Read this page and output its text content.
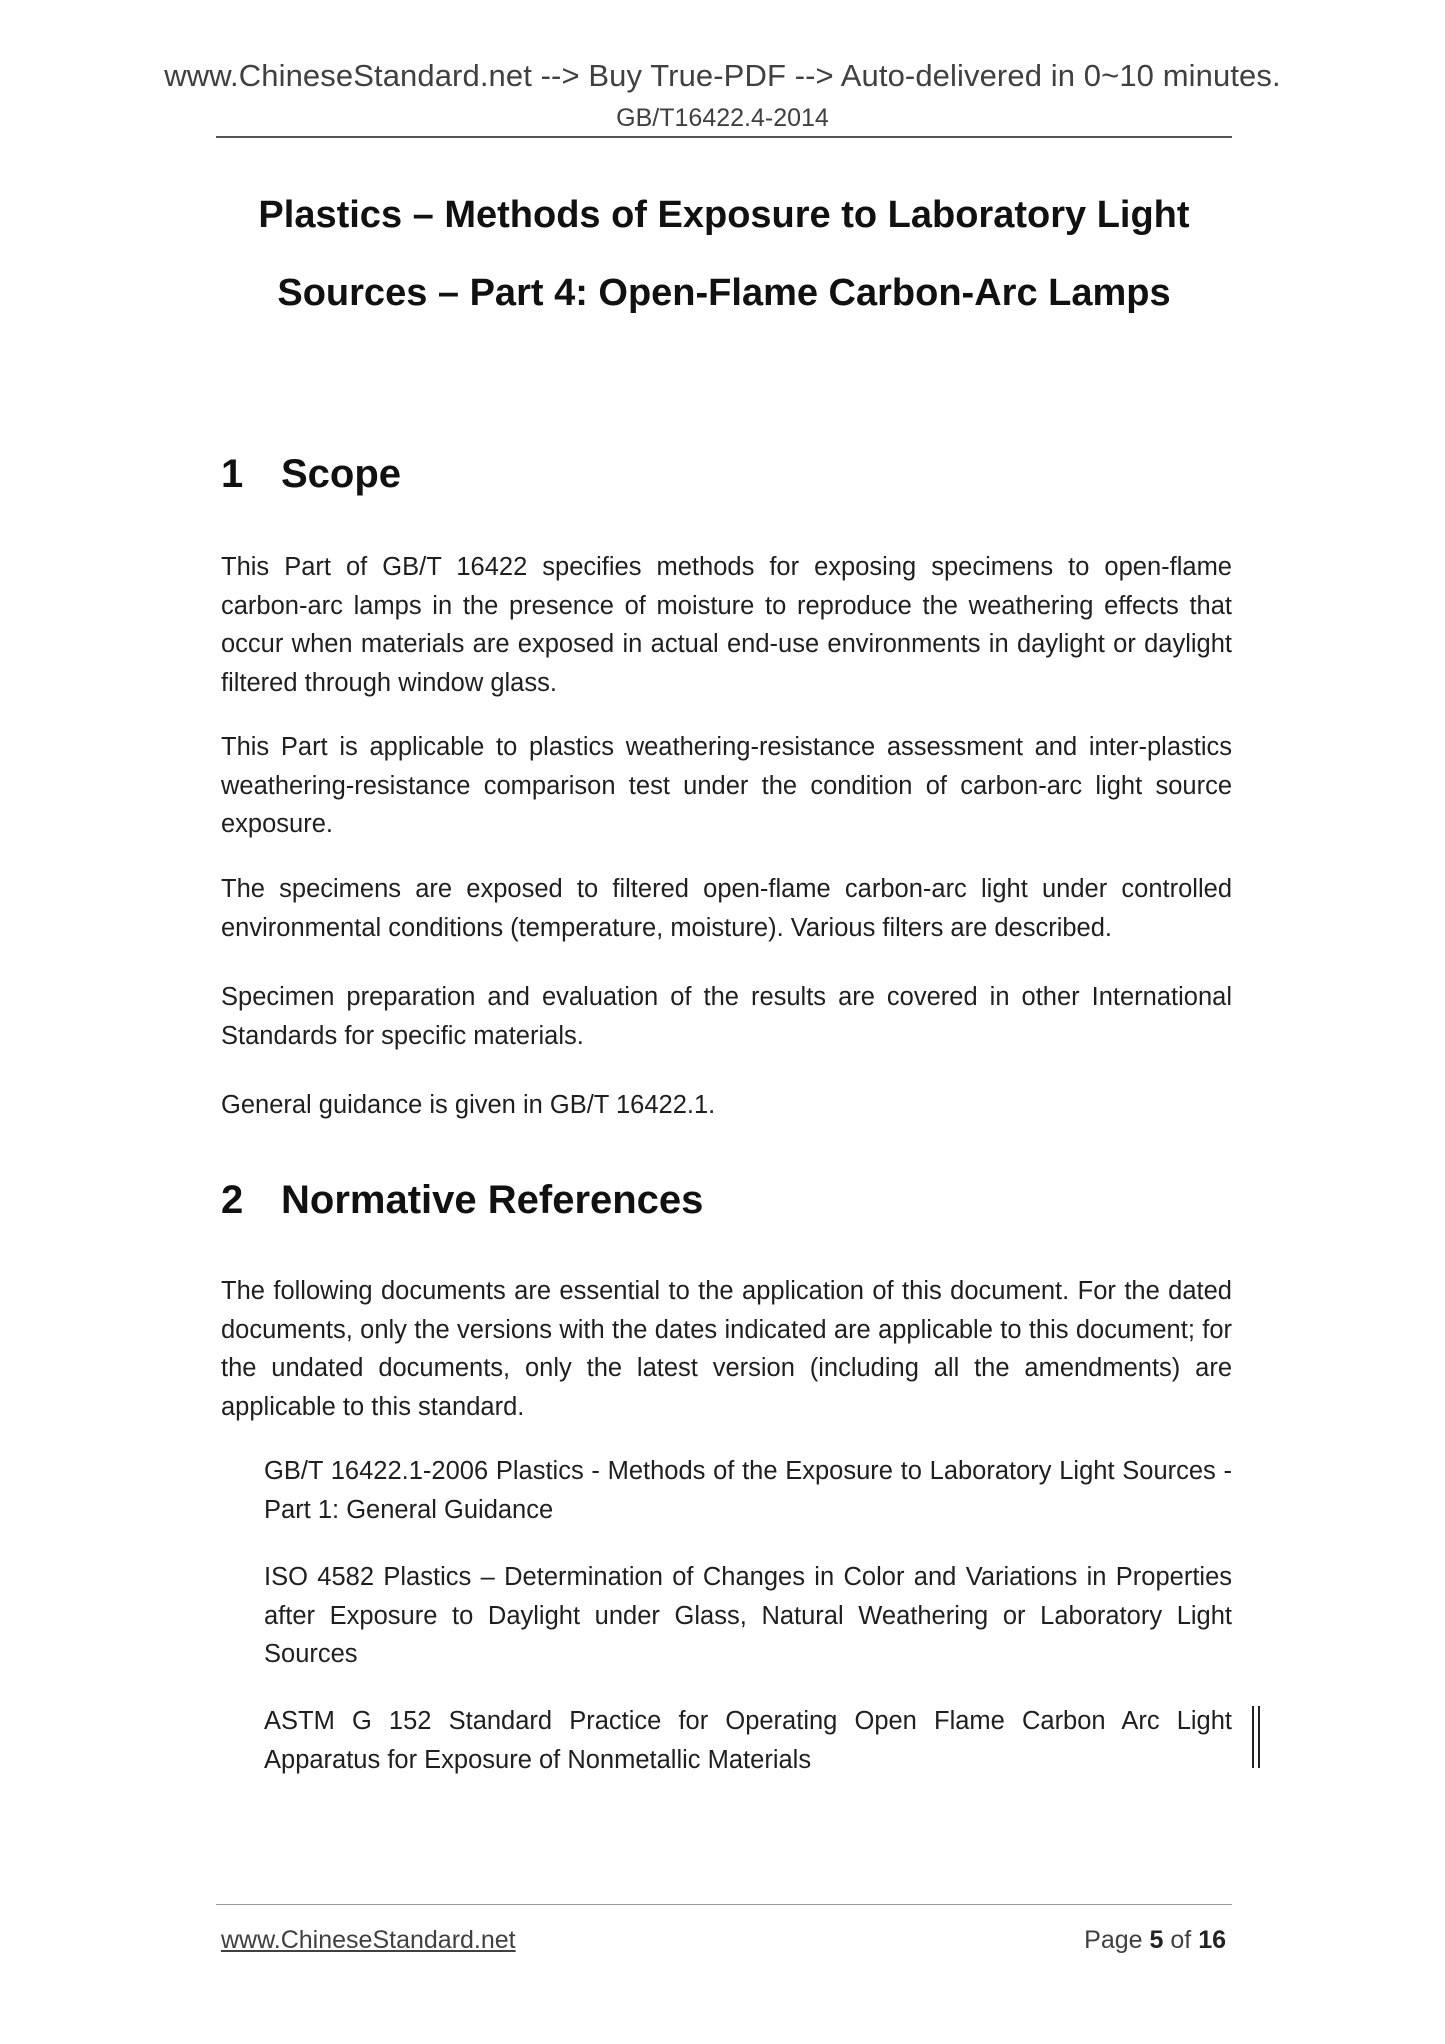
www.ChineseStandard.net --> Buy True-PDF --> Auto-delivered in 0~10 minutes.
GB/T16422.4-2014
Plastics – Methods of Exposure to Laboratory Light
Sources – Part 4: Open-Flame Carbon-Arc Lamps
1 Scope
This Part of GB/T 16422 specifies methods for exposing specimens to open-flame carbon-arc lamps in the presence of moisture to reproduce the weathering effects that occur when materials are exposed in actual end-use environments in daylight or daylight filtered through window glass.
This Part is applicable to plastics weathering-resistance assessment and inter-plastics weathering-resistance comparison test under the condition of carbon-arc light source exposure.
The specimens are exposed to filtered open-flame carbon-arc light under controlled environmental conditions (temperature, moisture). Various filters are described.
Specimen preparation and evaluation of the results are covered in other International Standards for specific materials.
General guidance is given in GB/T 16422.1.
2 Normative References
The following documents are essential to the application of this document. For the dated documents, only the versions with the dates indicated are applicable to this document; for the undated documents, only the latest version (including all the amendments) are applicable to this standard.
GB/T 16422.1-2006 Plastics - Methods of the Exposure to Laboratory Light Sources - Part 1: General Guidance
ISO 4582 Plastics – Determination of Changes in Color and Variations in Properties after Exposure to Daylight under Glass, Natural Weathering or Laboratory Light Sources
ASTM G 152 Standard Practice for Operating Open Flame Carbon Arc Light Apparatus for Exposure of Nonmetallic Materials
www.ChineseStandard.net	Page 5 of 16
